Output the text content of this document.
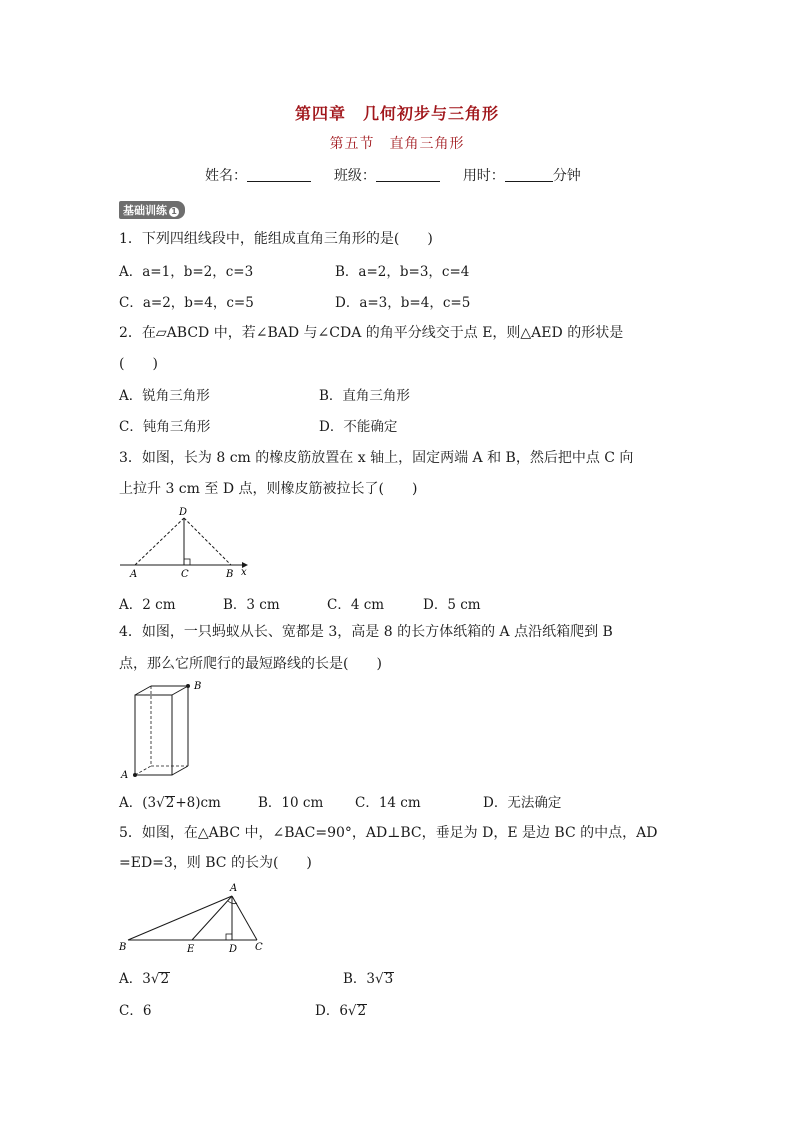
第四章　几何初步与三角形
第五节　直角三角形
姓名：	班级：	用时：	分钟
基础训练 1
1．下列四组线段中，能组成直角三角形的是(　　)
A．a=1，b=2，c=3	B．a=2，b=3，c=4
C．a=2，b=4，c=5	D．a=3，b=4，c=5
2．在▱ABCD 中，若∠BAD 与∠CDA 的角平分线交于点 E，则△AED 的形状是
(　　)
A．锐角三角形	B．直角三角形
C．钝角三角形	D．不能确定
3．如图，长为 8 cm 的橡皮筋放置在 x 轴上，固定两端 A 和 B，然后把中点 C 向
上拉升 3 cm 至 D 点，则橡皮筋被拉长了(　　)
D
A	C	B x
A．2 cm	B．3 cm	C．4 cm	D．5 cm
4．如图，一只蚂蚁从长、宽都是 3，高是 8 的长方体纸箱的 A 点沿纸箱爬到 B
点，那么它所爬行的最短路线的长是(　　)
A
B
A．(3√2+8)cm	B．10 cm C．14 cm	D．无法确定
5．如图，在△ABC 中，∠BAC=90°，AD⊥BC，垂足为 D，E 是边 BC 的中点，AD
=ED=3，则 BC 的长为(　　)
A
B	E	D C
A．3√2	B．3√3
C．6	D．6√2
